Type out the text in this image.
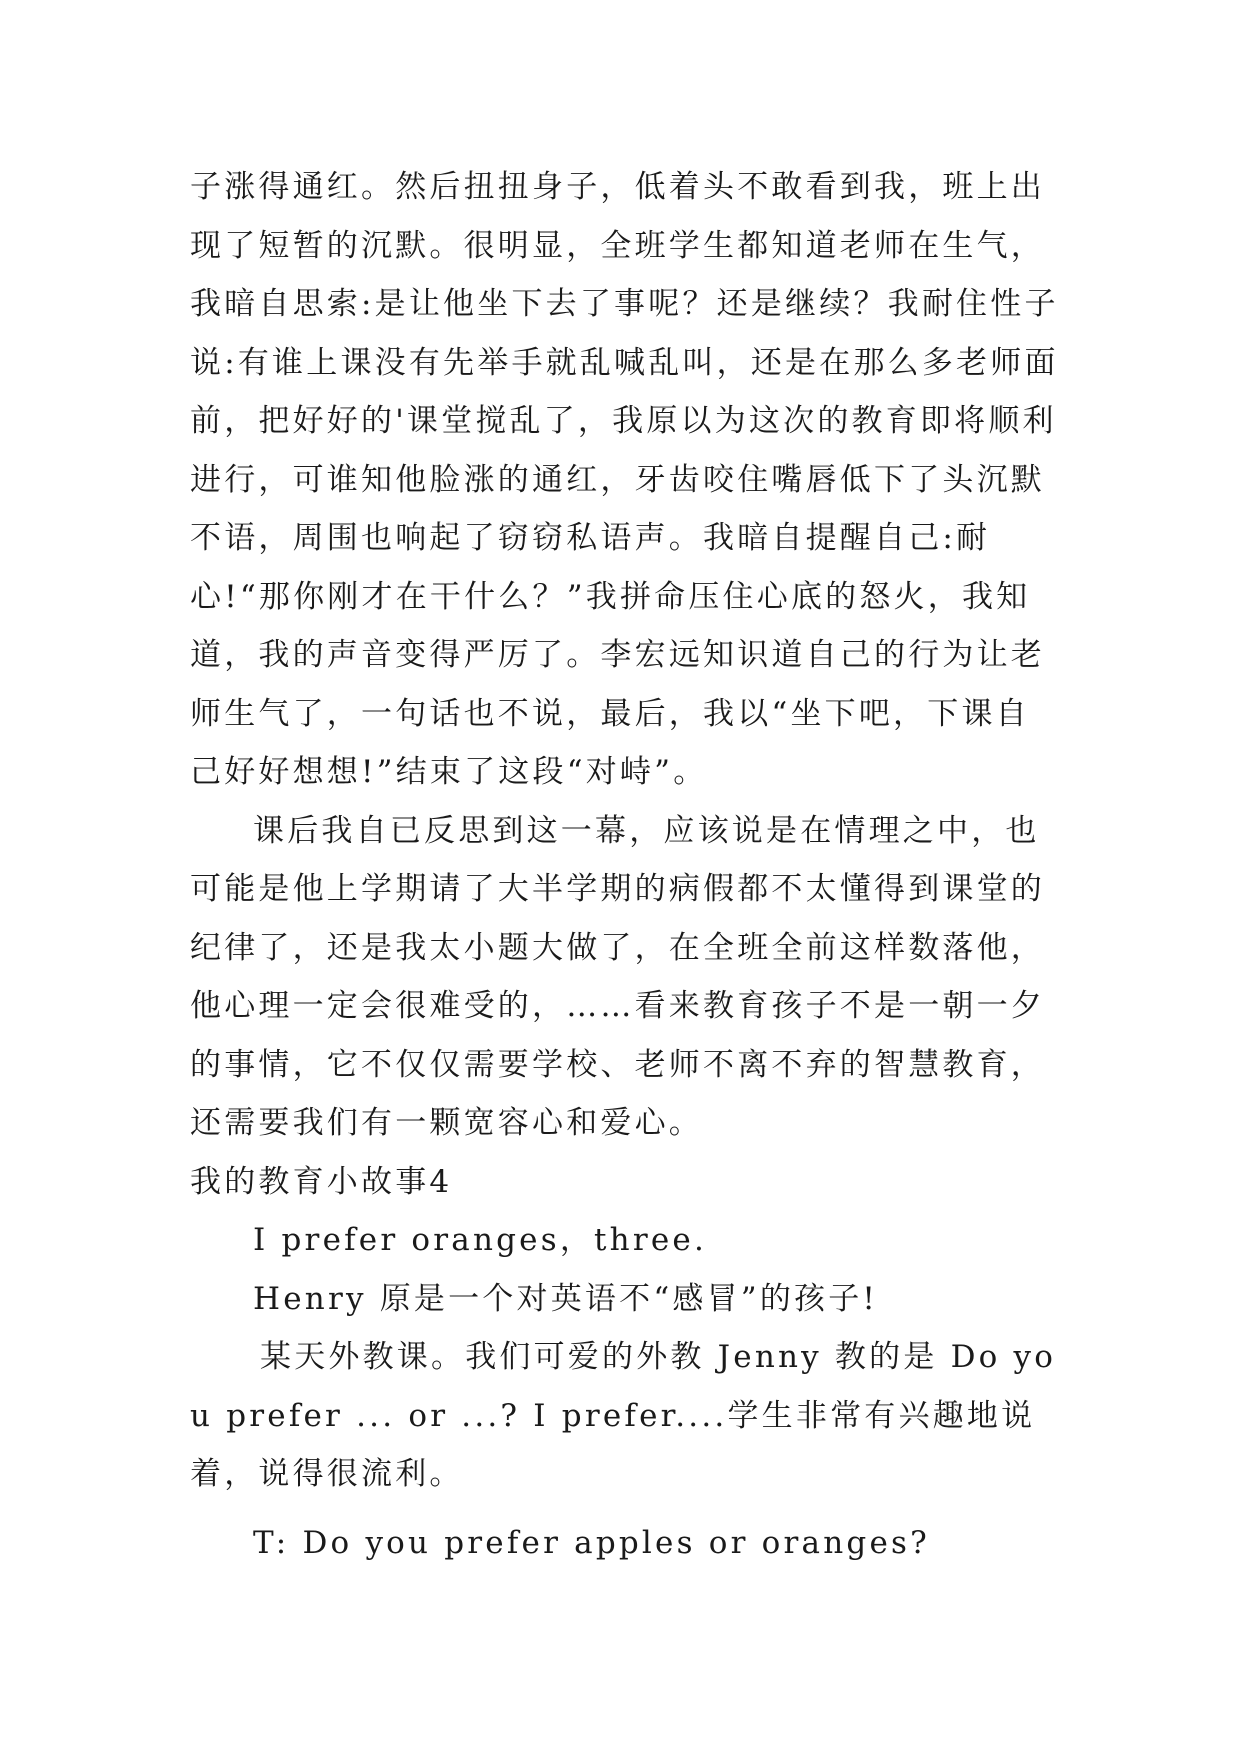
子涨得通红。然后扭扭身子，低着头不敢看到我，班上出现了短暂的沉默。很明显，全班学生都知道老师在生气，我暗自思索:是让他坐下去了事呢？还是继续？我耐住性子说:有谁上课没有先举手就乱喊乱叫，还是在那么多老师面前，把好好的'课堂搅乱了，我原以为这次的教育即将顺利进行，可谁知他脸涨的通红，牙齿咬住嘴唇低下了头沉默不语，周围也响起了窃窃私语声。我暗自提醒自己:耐心!“那你刚才在干什么？”我拼命压住心底的怒火，我知道，我的声音变得严厉了。李宏远知识道自己的行为让老师生气了，一句话也不说，最后，我以“坐下吧，下课自己好好想想!”结束了这段“对峙”。

课后我自已反思到这一幕，应该说是在情理之中，也可能是他上学期请了大半学期的病假都不太懂得到课堂的纪律了，还是我太小题大做了，在全班全前这样数落他，他心理一定会很难受的，……看来教育孩子不是一朝一夕的事情，它不仅仅需要学校、老师不离不弃的智慧教育，还需要我们有一颗宽容心和爱心。

我的教育小故事4

I prefer oranges，three.

Henry 原是一个对英语不“感冒”的孩子!

某天外教课。我们可爱的外教 Jenny 教的是 Do you prefer ... or ...? I prefer....学生非常有兴趣地说着，说得很流利。

T: Do you prefer apples or oranges?
